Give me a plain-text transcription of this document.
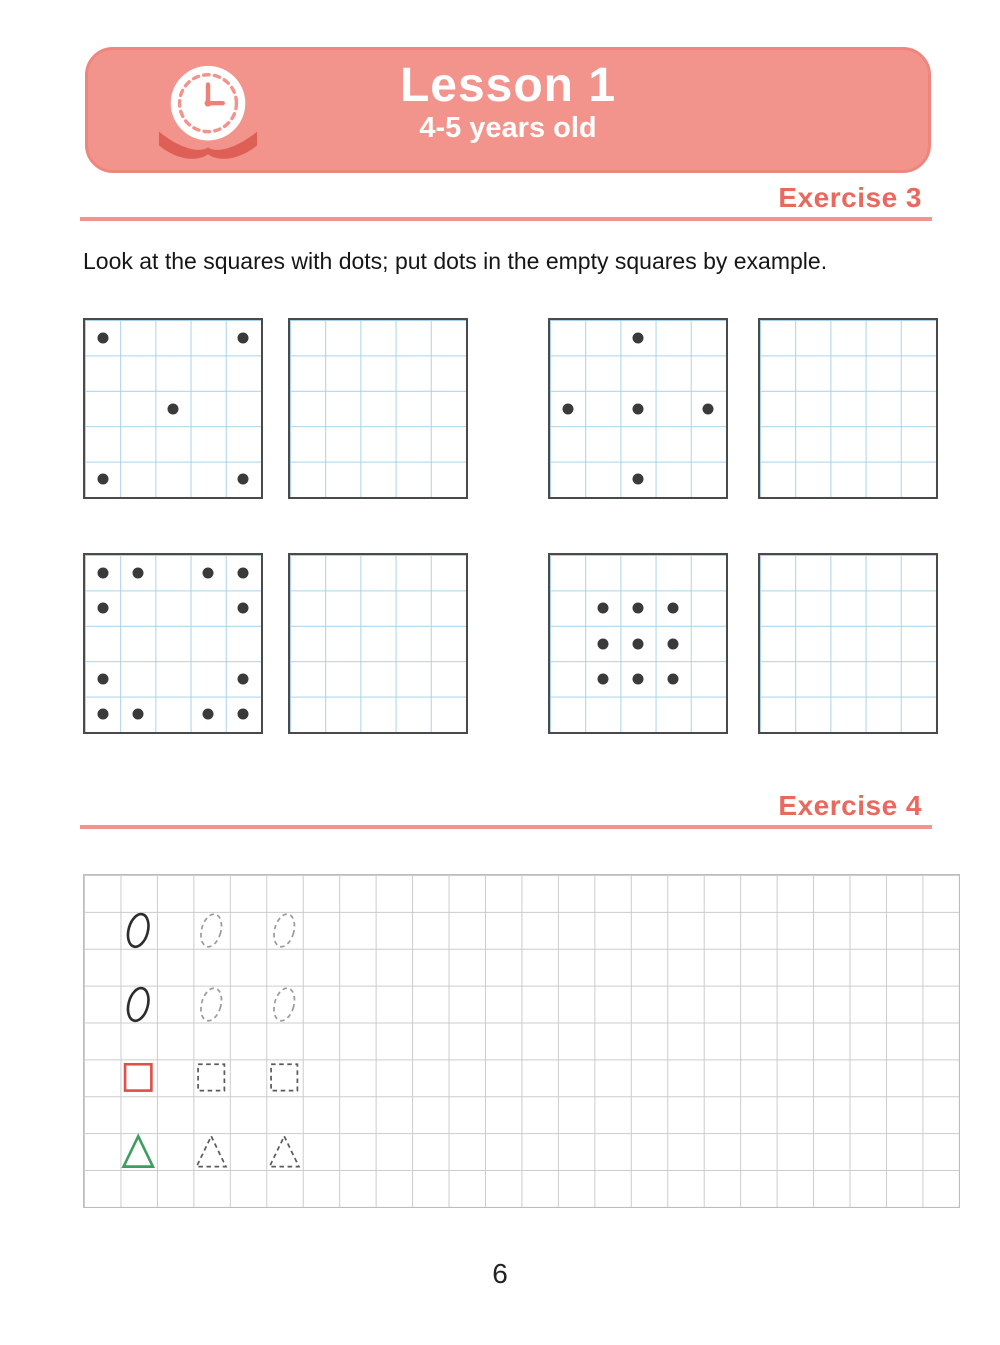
Lesson 1
4-5 years old
Exercise 3

Look at the squares with dots; put dots in the empty squares by example.

Exercise 4
6
